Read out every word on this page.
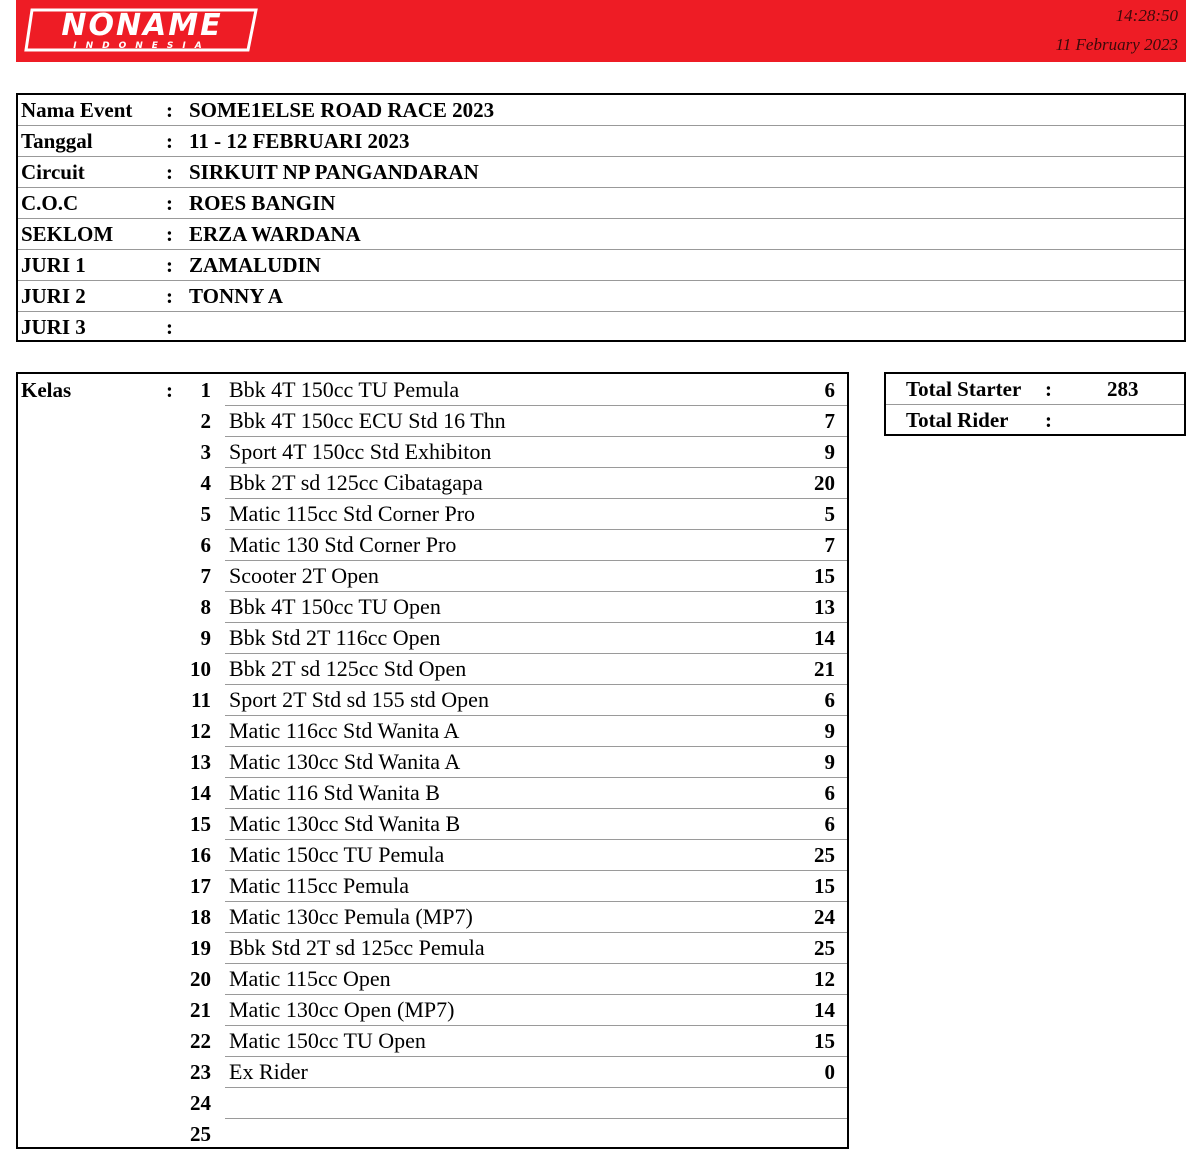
NONAME
INDONESIA
14:28:50
11 February 2023
Nama Event : SOME1ELSE ROAD RACE 2023
Tanggal	: 11 - 12 FEBRUARI 2023
Circuit	: SIRKUIT NP PANGANDARAN
C.O.C	: ROES BANGIN
SEKLOM	: ERZA WARDANA
JURI 1	: ZAMALUDIN
JURI 2	: TONNY A
JURI 3	:
Kelas	: 1 Bbk 4T 150cc TU Pemula	6
2 Bbk 4T 150cc ECU Std 16 Thn	7
3 Sport 4T 150cc Std Exhibiton	9
4 Bbk 2T sd 125cc Cibatagapa	20
5 Matic 115cc Std Corner Pro	5
6 Matic 130 Std Corner Pro	7
7 Scooter 2T Open	15
8 Bbk 4T 150cc TU Open	13
9 Bbk Std 2T 116cc Open	14
10 Bbk 2T sd 125cc Std Open	21
11 Sport 2T Std sd 155 std Open	6
12 Matic 116cc Std Wanita A	9
13 Matic 130cc Std Wanita A	9
14 Matic 116 Std Wanita B	6
15 Matic 130cc Std Wanita B	6
16 Matic 150cc TU Pemula	25
17 Matic 115cc Pemula	15
18 Matic 130cc Pemula (MP7)	24
19 Bbk Std 2T sd 125cc Pemula	25
20 Matic 115cc Open	12
21 Matic 130cc Open (MP7)	14
22 Matic 150cc TU Open	15
23 Ex Rider	0
24
25
Total Starter :	283
Total Rider :
